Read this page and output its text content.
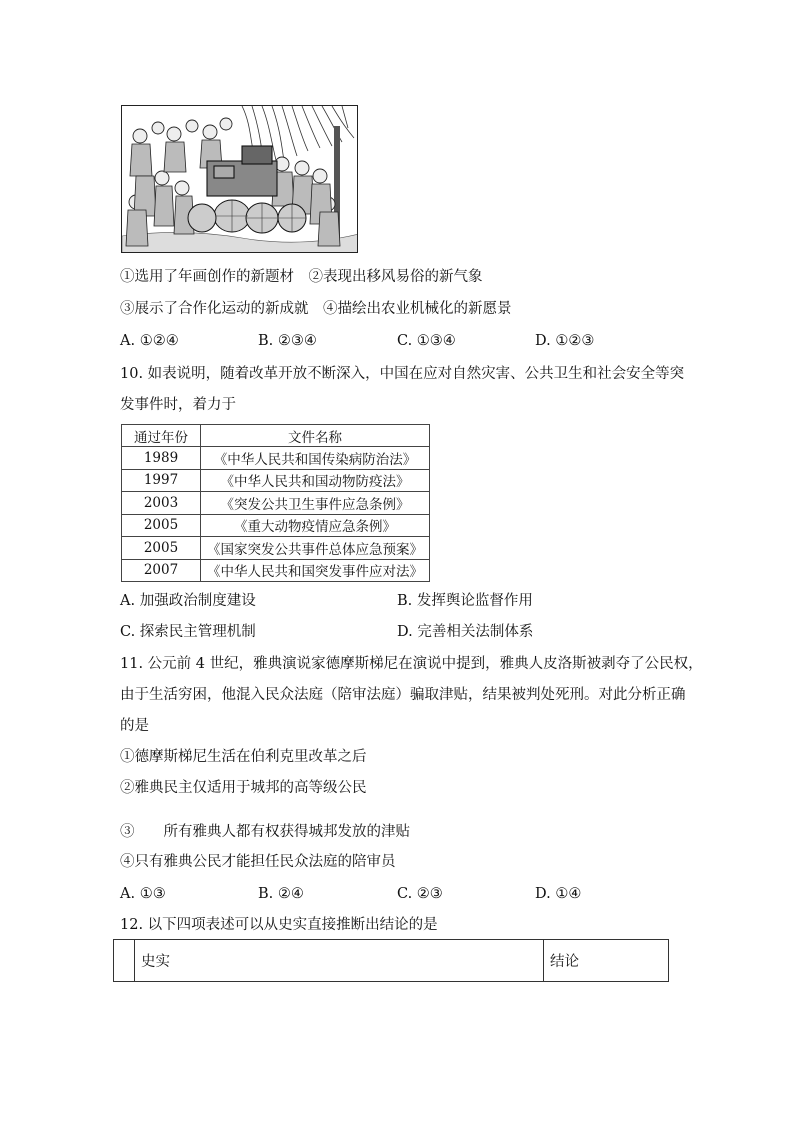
①选用了年画创作的新题材　②表现出移风易俗的新气象
③展示了合作化运动的新成就　④描绘出农业机械化的新愿景
A. ①②④	B. ②③④	C. ①③④	D. ①②③
10. 如表说明，随着改革开放不断深入，中国在应对自然灾害、公共卫生和社会安全等突
发事件时，着力于
通过年份	文件名称
1989	《中华人民共和国传染病防治法》
1997	《中华人民共和国动物防疫法》
2003	《突发公共卫生事件应急条例》
2005	《重大动物疫情应急条例》
2005	《国家突发公共事件总体应急预案》
2007	《中华人民共和国突发事件应对法》
A. 加强政治制度建设	B. 发挥舆论监督作用
C. 探索民主管理机制	D. 完善相关法制体系
11. 公元前 4 世纪，雅典演说家德摩斯梯尼在演说中提到，雅典人皮洛斯被剥夺了公民权，
由于生活穷困，他混入民众法庭（陪审法庭）骗取津贴，结果被判处死刑。对此分析正确
的是
①德摩斯梯尼生活在伯利克里改革之后
②雅典民主仅适用于城邦的高等级公民
③　　所有雅典人都有权获得城邦发放的津贴
④只有雅典公民才能担任民众法庭的陪审员
A. ①③	B. ②④	C. ②③	D. ①④
12. 以下四项表述可以从史实直接推断出结论的是
	史实	结论
